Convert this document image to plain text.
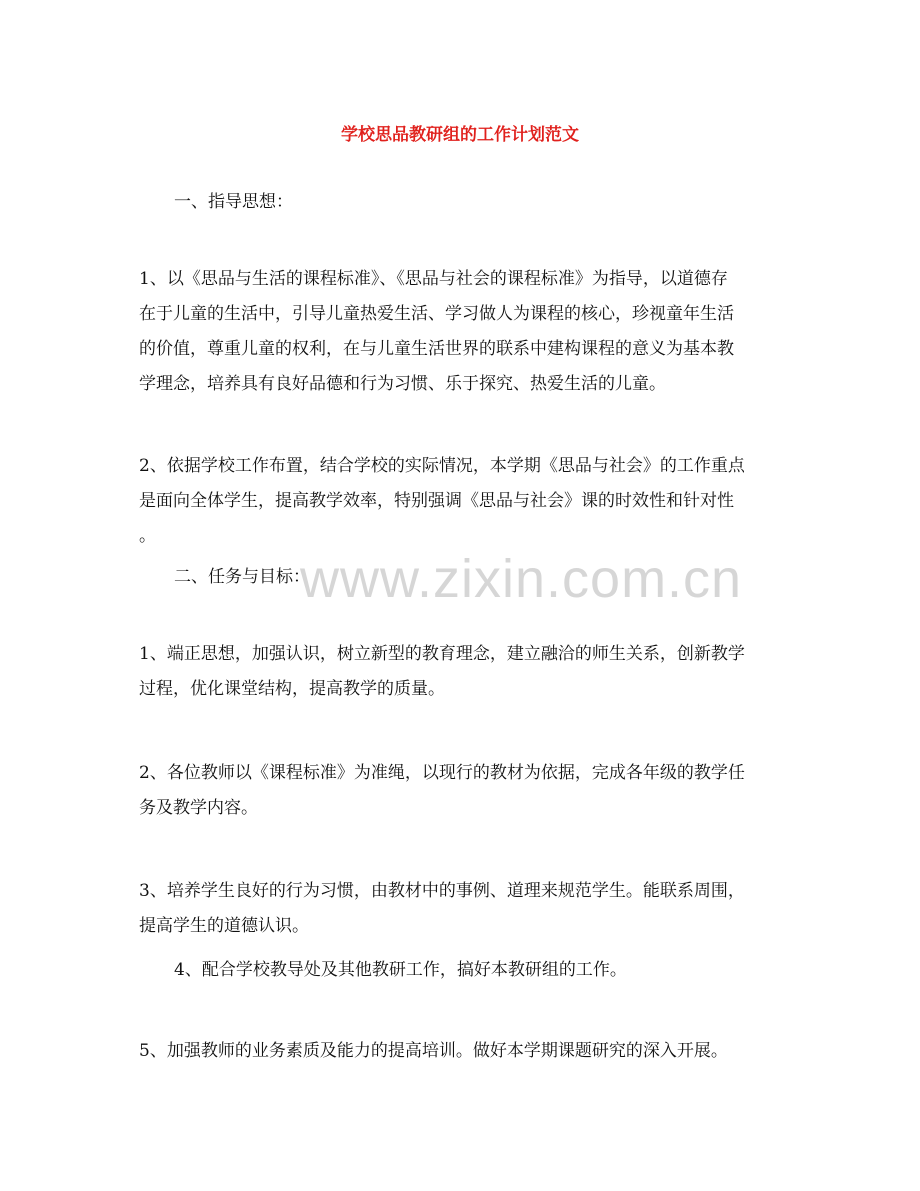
www.zixin.com.cn
学校思品教研组的工作计划范文
一、指导思想：
1、以《思品与生活的课程标准》、《思品与社会的课程标准》为指导，以道德存
在于儿童的生活中，引导儿童热爱生活、学习做人为课程的核心，珍视童年生活
的价值，尊重儿童的权利，在与儿童生活世界的联系中建构课程的意义为基本教
学理念，培养具有良好品德和行为习惯、乐于探究、热爱生活的儿童。
2、依据学校工作布置，结合学校的实际情况，本学期《思品与社会》的工作重点
是面向全体学生，提高教学效率，特别强调《思品与社会》课的时效性和针对性
。
二、任务与目标：
1、端正思想，加强认识，树立新型的教育理念，建立融洽的师生关系，创新教学
过程，优化课堂结构，提高教学的质量。
2、各位教师以《课程标准》为准绳，以现行的教材为依据，完成各年级的教学任
务及教学内容。
3、培养学生良好的行为习惯，由教材中的事例、道理来规范学生。能联系周围，
提高学生的道德认识。
4、配合学校教导处及其他教研工作，搞好本教研组的工作。
5、加强教师的业务素质及能力的提高培训。做好本学期课题研究的深入开展。
